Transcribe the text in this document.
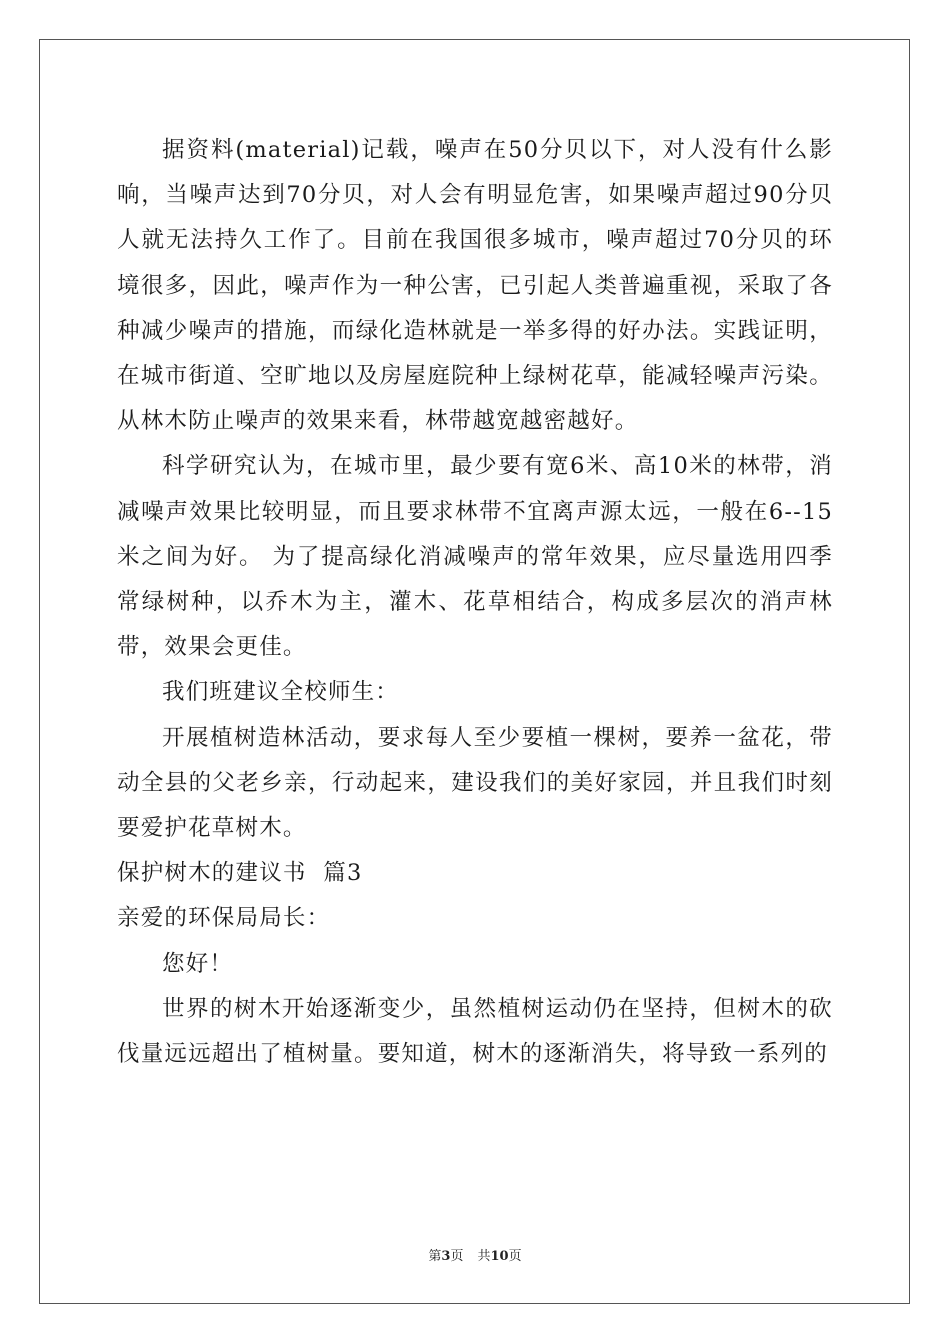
据资料(material)记载，噪声在50分贝以下，对人没有什么影响，当噪声达到70分贝，对人会有明显危害，如果噪声超过90分贝人就无法持久工作了。目前在我国很多城市，噪声超过70分贝的环境很多，因此，噪声作为一种公害，已引起人类普遍重视，采取了各种减少噪声的措施，而绿化造林就是一举多得的好办法。实践证明，在城市街道、空旷地以及房屋庭院种上绿树花草，能减轻噪声污染。从林木防止噪声的效果来看，林带越宽越密越好。

科学研究认为，在城市里，最少要有宽6米、高10米的林带，消减噪声效果比较明显，而且要求林带不宜离声源太远，一般在6--15米之间为好。 为了提高绿化消减噪声的常年效果，应尽量选用四季常绿树种，以乔木为主，灌木、花草相结合，构成多层次的消声林带，效果会更佳。

我们班建议全校师生：

开展植树造林活动，要求每人至少要植一棵树，要养一盆花，带动全县的父老乡亲，行动起来，建设我们的美好家园，并且我们时刻要爱护花草树木。

保护树木的建议书  篇3

亲爱的环保局局长：

您好！

世界的树木开始逐渐变少，虽然植树运动仍在坚持，但树木的砍伐量远远超出了植树量。要知道，树木的逐渐消失，将导致一系列的

第3页 共10页
